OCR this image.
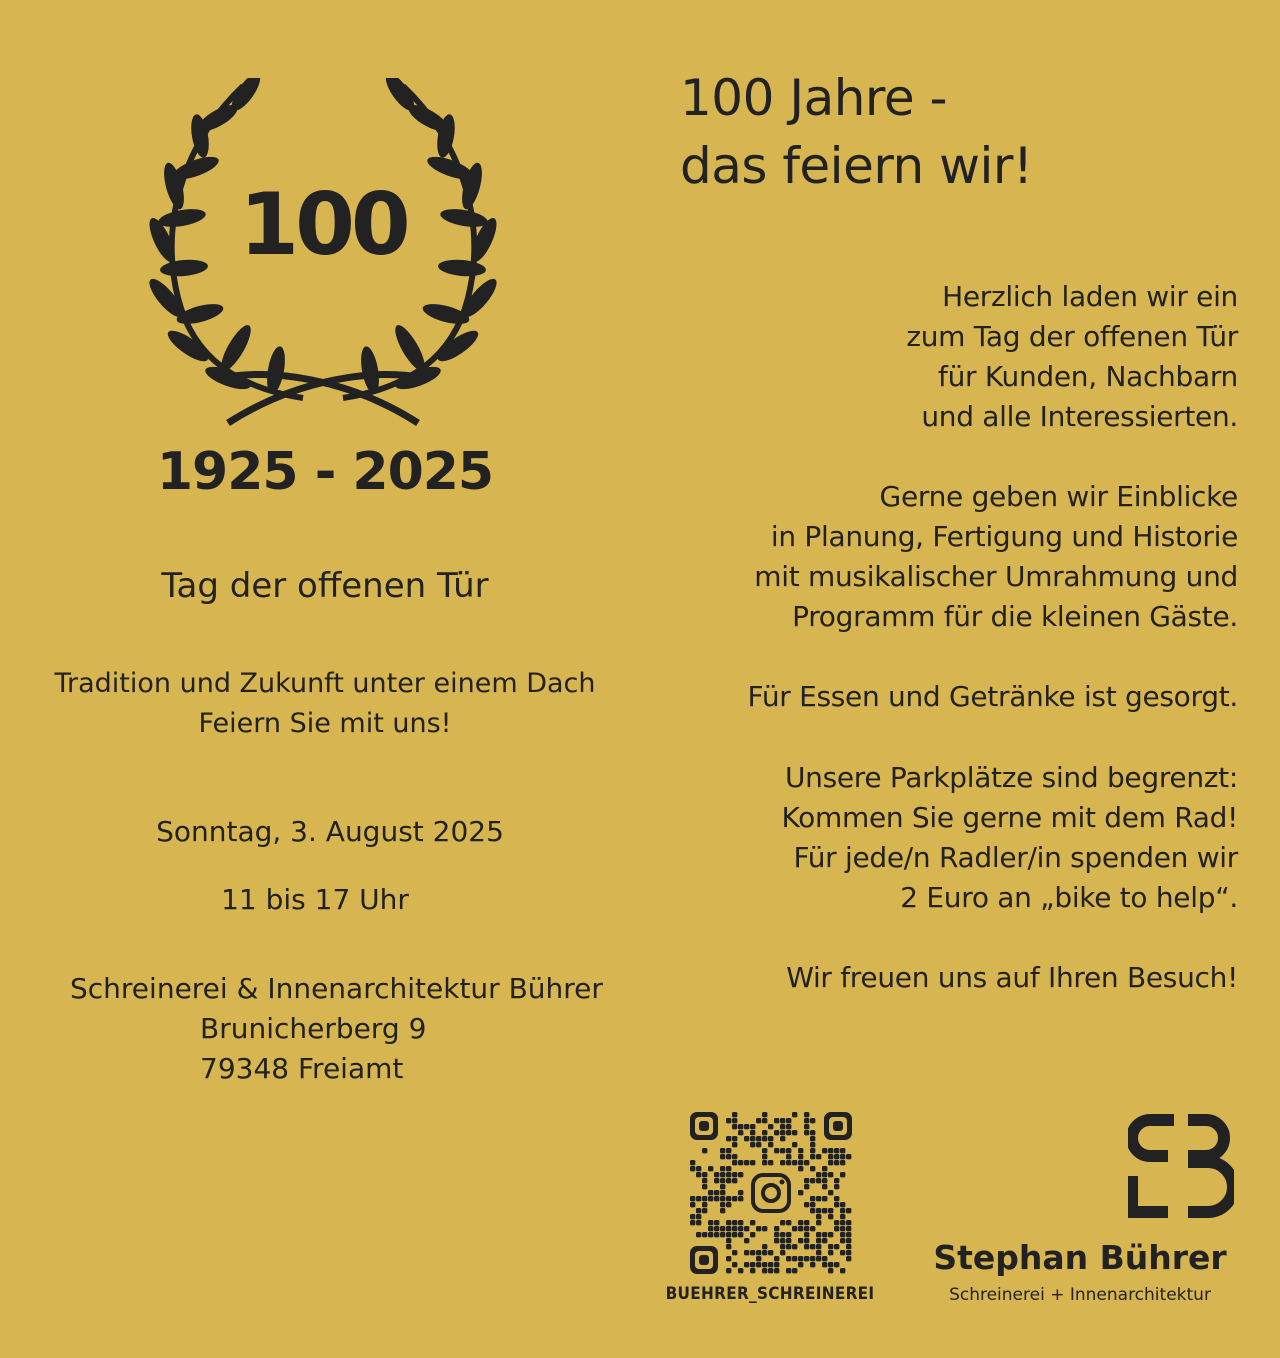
100
1925 - 2025
Tag der offenen Tür
Tradition und Zukunft unter einem Dach
Feiern Sie mit uns!
Sonntag, 3. August 2025
11 bis 17 Uhr
Schreinerei & Innenarchitektur Bührer
Brunicherberg 9
79348 Freiamt
100 Jahre -
das feiern wir!
Herzlich laden wir ein
zum Tag der offenen Tür
für Kunden, Nachbarn
und alle Interessierten.
Gerne geben wir Einblicke
in Planung, Fertigung und Historie
mit musikalischer Umrahmung und
Programm für die kleinen Gäste.
Für Essen und Getränke ist gesorgt.
Unsere Parkplätze sind begrenzt:
Kommen Sie gerne mit dem Rad!
Für jede/n Radler/in spenden wir
2 Euro an „bike to help“.
Wir freuen uns auf Ihren Besuch!
BUEHRER_SCHREINEREI
Stephan Bührer
Schreinerei + Innenarchitektur
